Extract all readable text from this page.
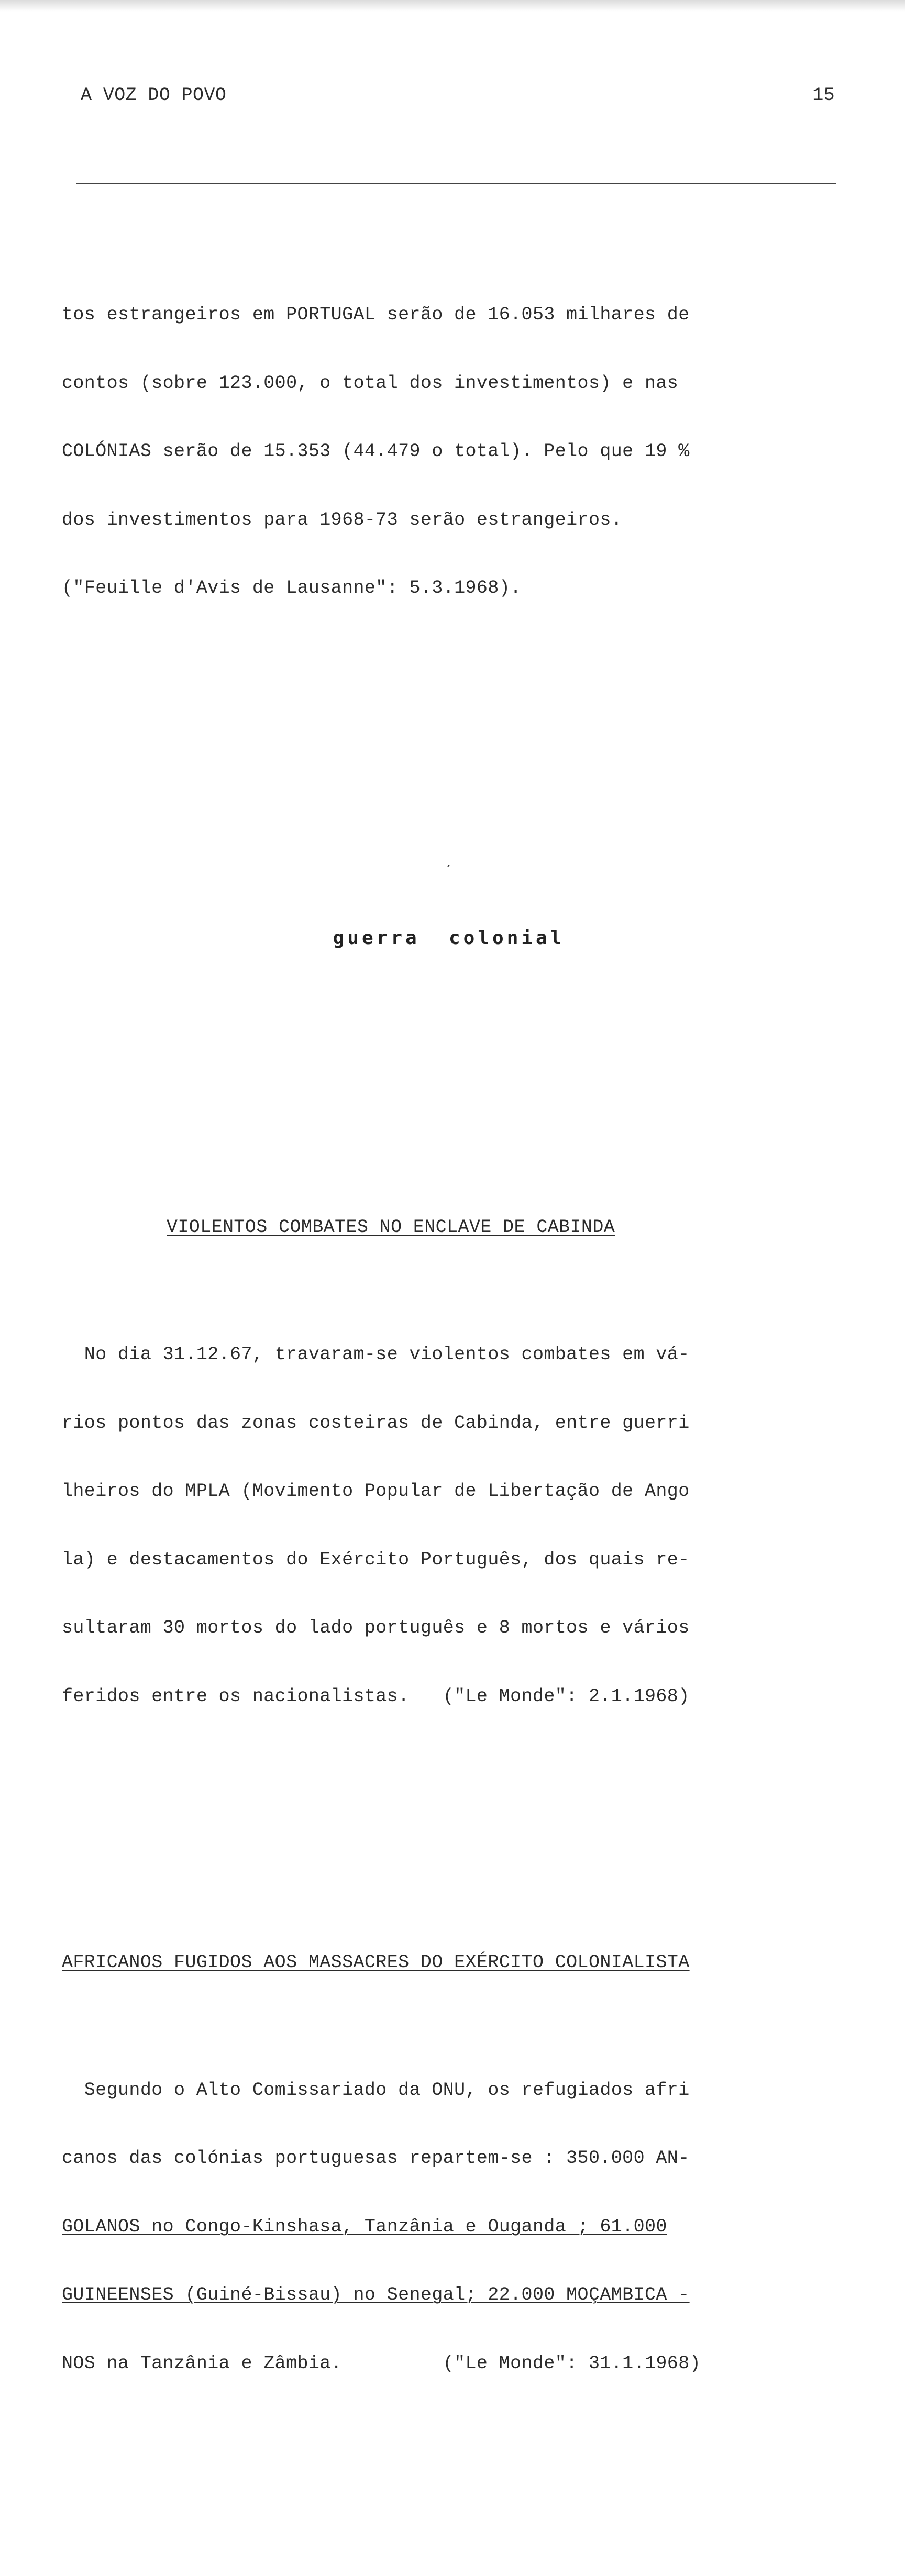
A VOZ DO POVO	15

tos estrangeiros em PORTUGAL serão de 16.053 milhares de

contos (sobre 123.000, o total dos investimentos) e nas

COLÓNIAS serão de 15.353 (44.479 o total). Pelo que 19 %

dos investimentos para 1968-73 serão estrangeiros.

("Feuille d'Avis de Lausanne": 5.3.1968).

´

guerra  colonial

VIOLENTOS COMBATES NO ENCLAVE DE CABINDA

No dia 31.12.67, travaram-se violentos combates em vá-

rios pontos das zonas costeiras de Cabinda, entre guerri

lheiros do MPLA (Movimento Popular de Libertação de Ango

la) e destacamentos do Exército Português, dos quais re-

sultaram 30 mortos do lado português e 8 mortos e vários

feridos entre os nacionalistas.   ("Le Monde": 2.1.1968)

AFRICANOS FUGIDOS AOS MASSACRES DO EXÉRCITO COLONIALISTA

Segundo o Alto Comissariado da ONU, os refugiados afri

canos das colónias portuguesas repartem-se : 350.000 AN-

GOLANOS no Congo-Kinshasa, Tanzânia e Ouganda ; 61.000

GUINEENSES (Guiné-Bissau) no Senegal; 22.000 MOÇAMBICA -

NOS na Tanzânia e Zâmbia.         ("Le Monde": 31.1.1968)
